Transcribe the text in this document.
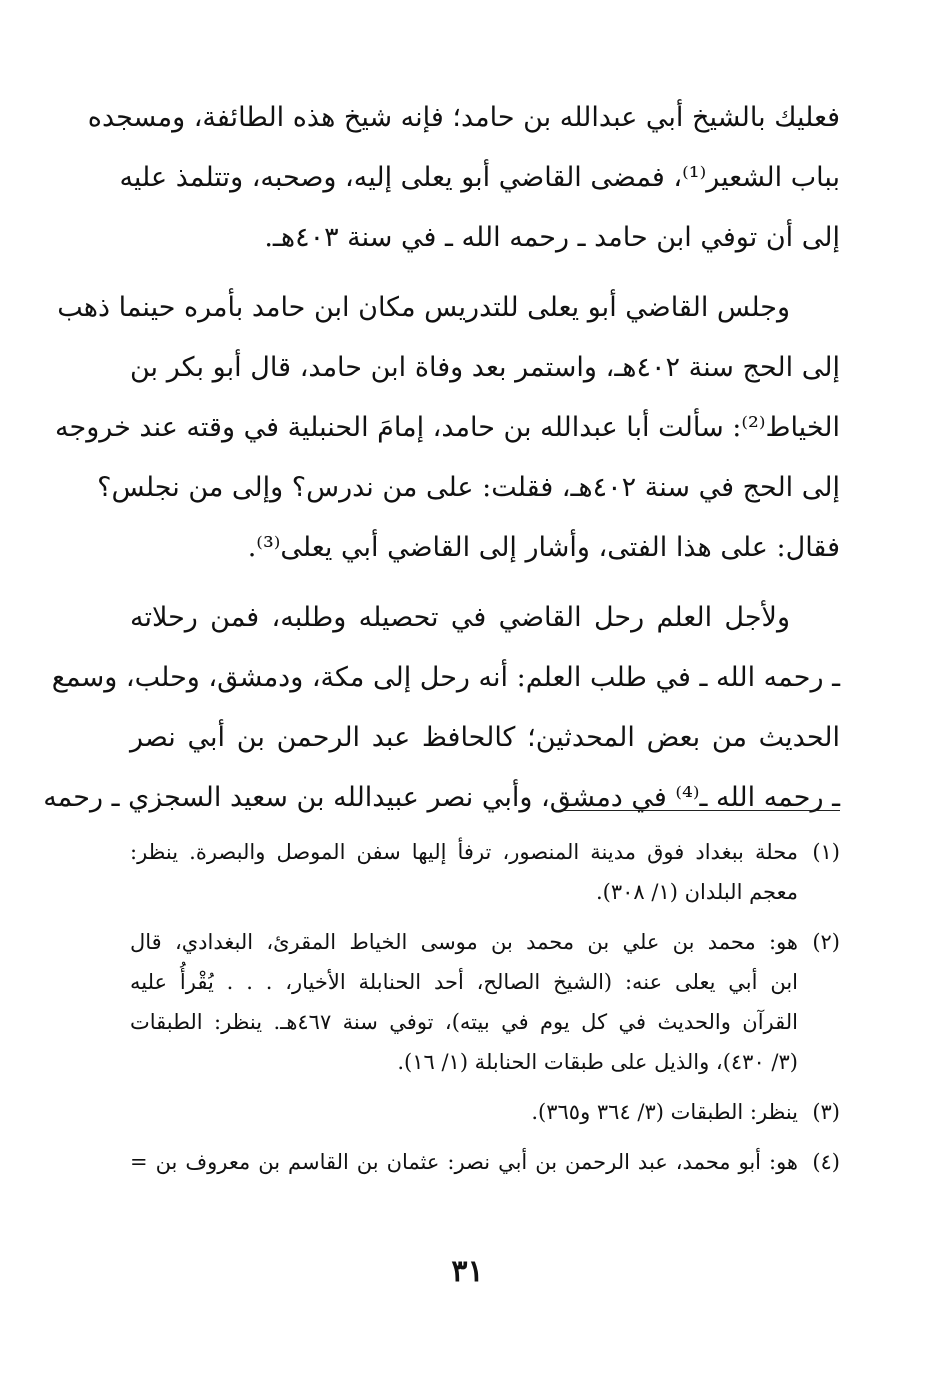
فعليك بالشيخ أبي عبدالله بن حامد؛ فإنه شيخ هذه الطائفة، ومسجده
بباب الشعير⁽¹⁾، فمضى القاضي أبو يعلى إليه، وصحبه، وتتلمذ عليه
إلى أن توفي ابن حامد ـ رحمه الله ـ في سنة ٤٠٣هـ.
وجلس القاضي أبو يعلى للتدريس مكان ابن حامد بأمره حينما ذهب
إلى الحج سنة ٤٠٢هـ، واستمر بعد وفاة ابن حامد، قال أبو بكر بن
الخياط⁽²⁾: سألت أبا عبدالله بن حامد، إمامَ الحنبلية في وقته عند خروجه
إلى الحج في سنة ٤٠٢هـ، فقلت: على من ندرس؟ وإلى من نجلس؟
فقال: على هذا الفتى، وأشار إلى القاضي أبي يعلى⁽³⁾.
ولأجل العلم رحل القاضي في تحصيله وطلبه، فمن رحلاته
ـ رحمه الله ـ في طلب العلم: أنه رحل إلى مكة، ودمشق، وحلب، وسمع
الحديث من بعض المحدثين؛ كالحافظ عبد الرحمن بن أبي نصر
ـ رحمه الله ـ⁽⁴⁾ في دمشق، وأبي نصر عبيدالله بن سعيد السجزي ـ رحمه
(١)
محلة ببغداد فوق مدينة المنصور، ترفأ إليها سفن الموصل والبصرة. ينظر:
معجم البلدان (١/ ٣٠٨).
(٢)
هو: محمد بن علي بن محمد بن موسى الخياط المقرئ، البغدادي، قال
ابن أبي يعلى عنه: (الشيخ الصالح، أحد الحنابلة الأخيار، . . . يُقْرأُ عليه
القرآن والحديث في كل يوم في بيته)، توفي سنة ٤٦٧هـ. ينظر: الطبقات
(٣/ ٤٣٠)، والذيل على طبقات الحنابلة (١/ ١٦).
(٣)
ينظر: الطبقات (٣/ ٣٦٤ و٣٦٥).
(٤)
هو: أبو محمد، عبد الرحمن بن أبي نصر: عثمان بن القاسم بن معروف بن =
٣١
